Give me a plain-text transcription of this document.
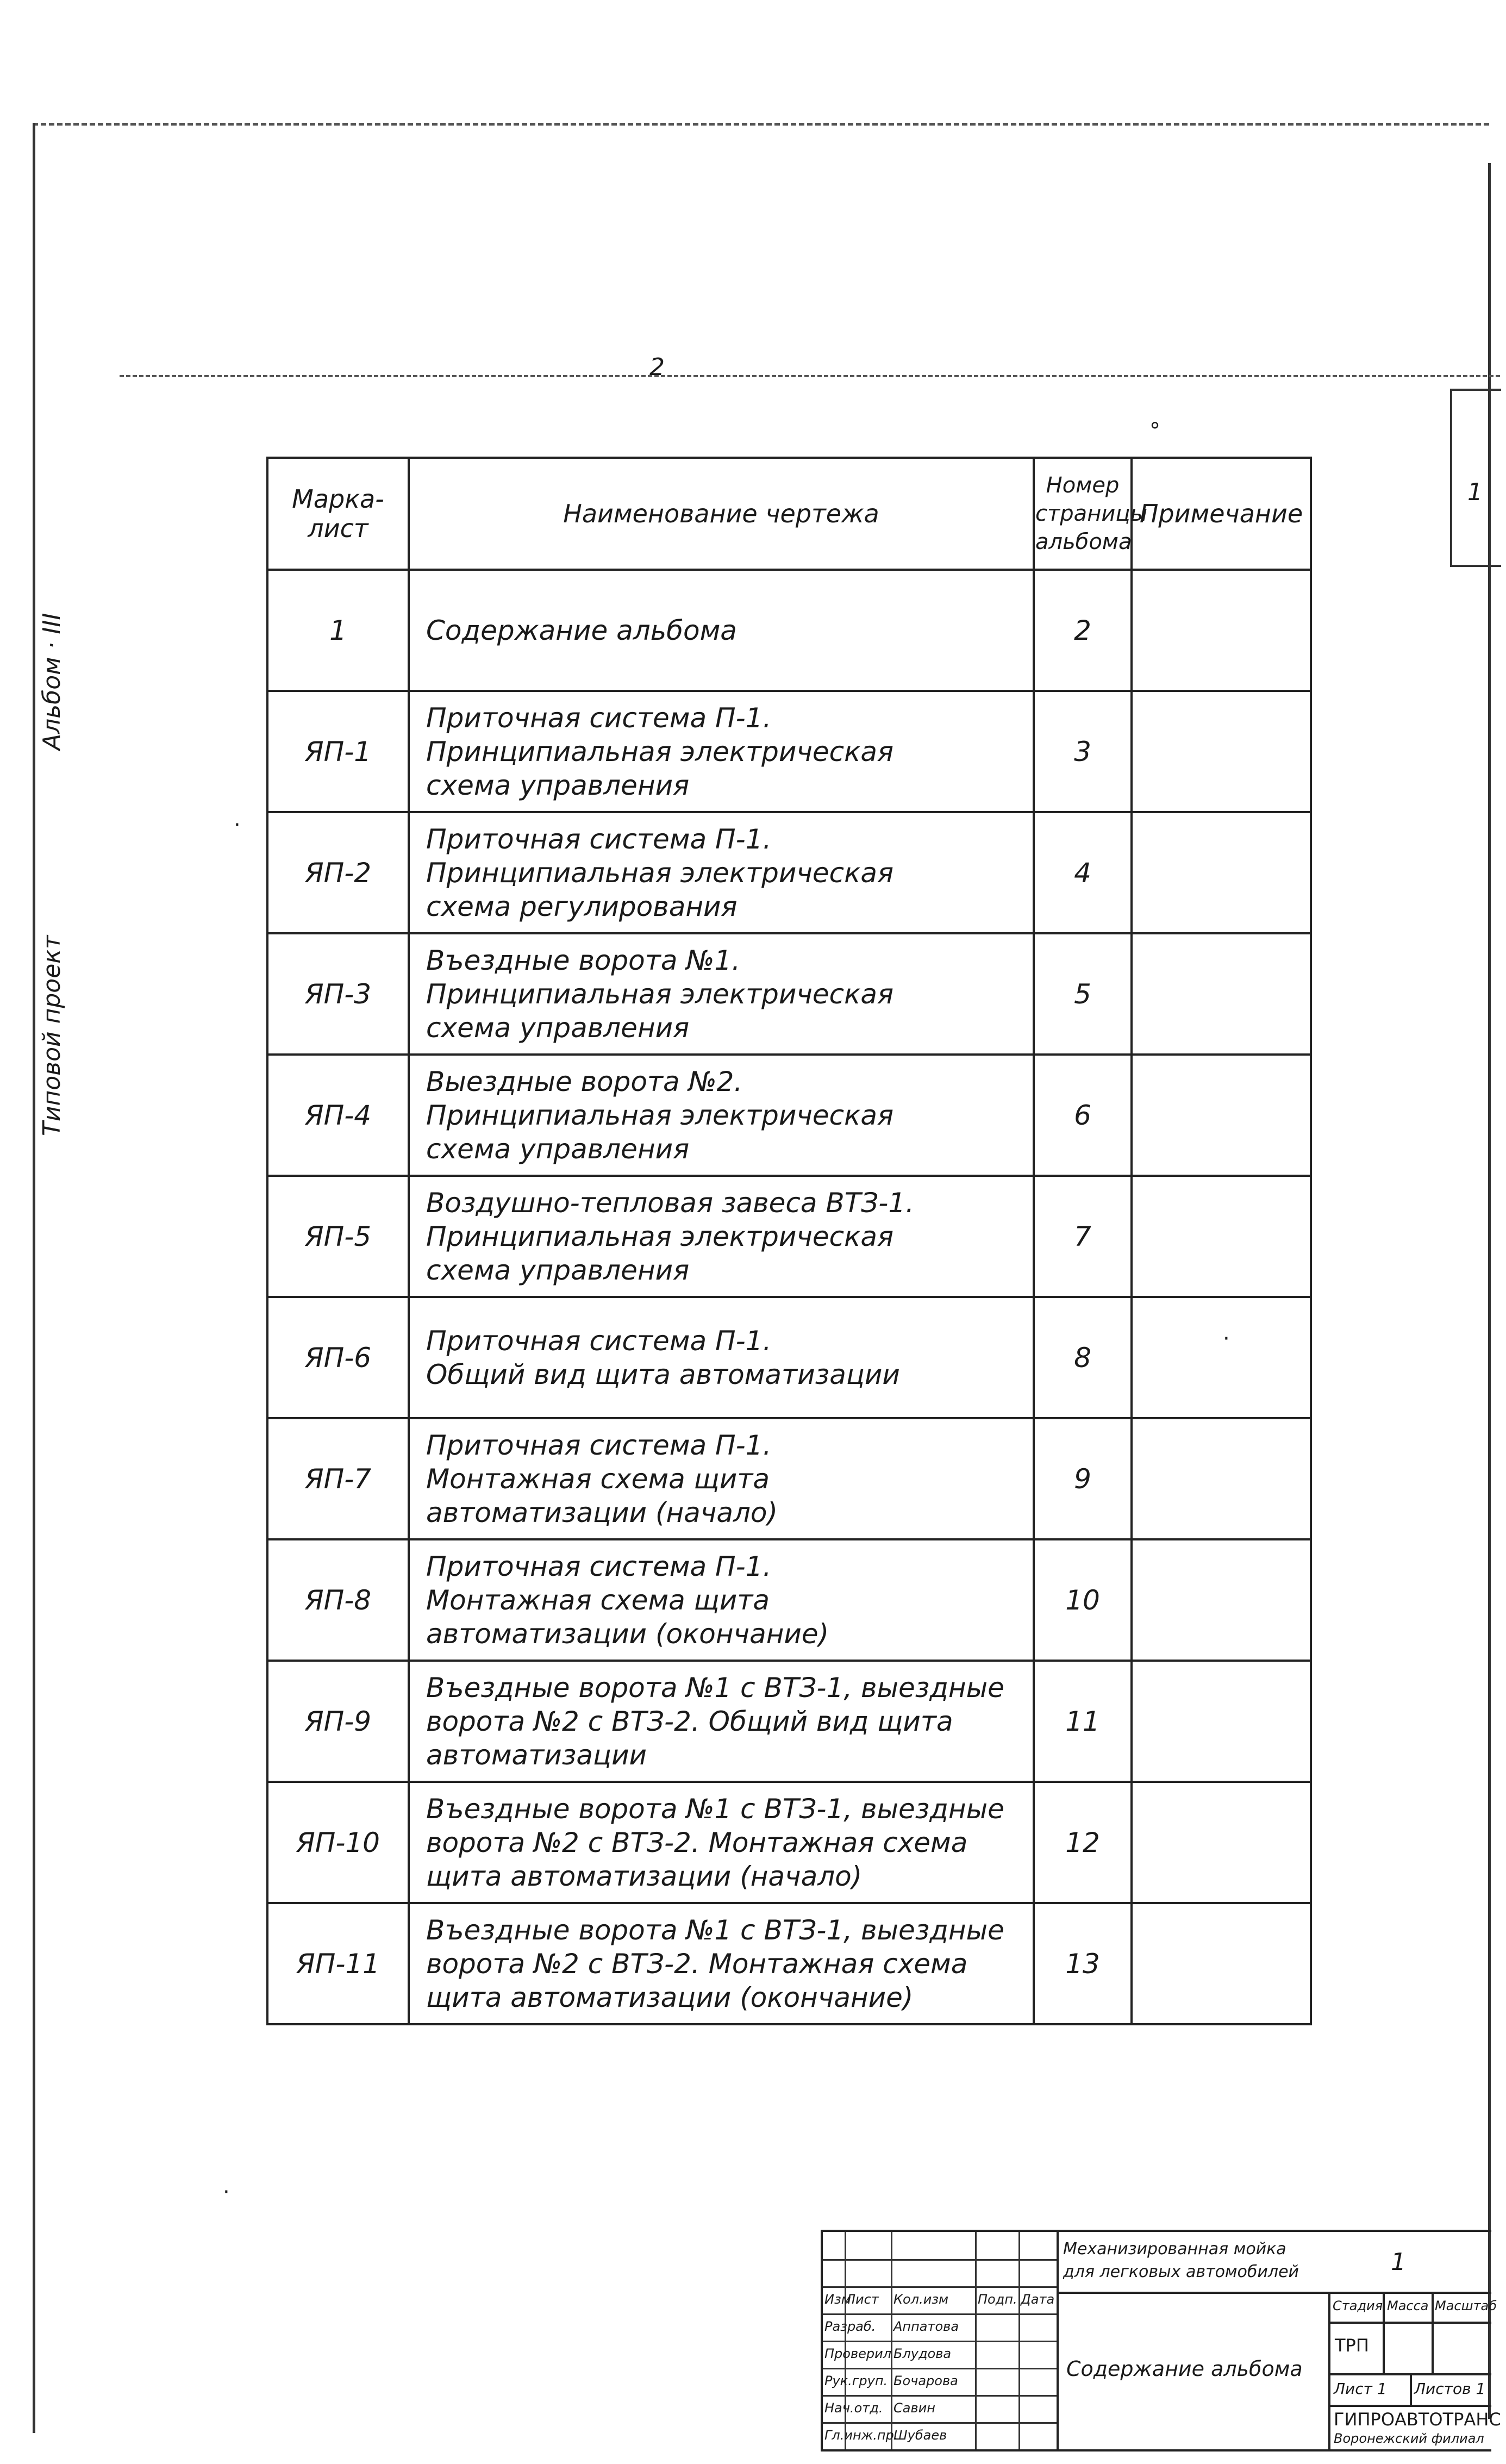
2
Альбом · III
Типовой проект
1
°
·
·
·
Марка-лист	Наименование чертежа	Номер страницы альбома	Примечание
1	Содержание альбома	2	
ЯП-1	Приточная система П-1.
Принципиальная электрическая
схема управления	3	
ЯП-2	Приточная система П-1.
Принципиальная электрическая
схема регулирования	4	
ЯП-3	Въездные ворота №1.
Принципиальная электрическая
схема управления	5	
ЯП-4	Выездные ворота №2.
Принципиальная электрическая
схема управления	6	
ЯП-5	Воздушно-тепловая завеса ВТЗ-1.
Принципиальная электрическая
схема управления	7	
ЯП-6	Приточная система П-1.
Общий вид щита автоматизации	8	
ЯП-7	Приточная система П-1.
Монтажная схема щита
автоматизации (начало)	9	
ЯП-8	Приточная система П-1.
Монтажная схема щита
автоматизации (окончание)	10	
ЯП-9	Въездные ворота №1 с ВТЗ-1, выездные
ворота №2 с ВТЗ-2. Общий вид щита
автоматизации	11	
ЯП-10	Въездные ворота №1 с ВТЗ-1, выездные
ворота №2 с ВТЗ-2. Монтажная схема
щита автоматизации (начало)	12	
ЯП-11	Въездные ворота №1 с ВТЗ-1, выездные
ворота №2 с ВТЗ-2. Монтажная схема
щита автоматизации (окончание)	13	
Изм
Лист Кол.изм Подп. Дата
Разраб. Аппатова
Проверил Блудова
Рук.груп. Бочарова
Нач.отд. Савин
Гл.инж.пр.
Шубаев
Механизированная мойка
для легковых автомобилей	1
Содержание альбома
Стадия Масса Масштаб
ТРП
Лист 1 Листов 1
ГИПРОАВТОТРАНС
Воронежский филиал
